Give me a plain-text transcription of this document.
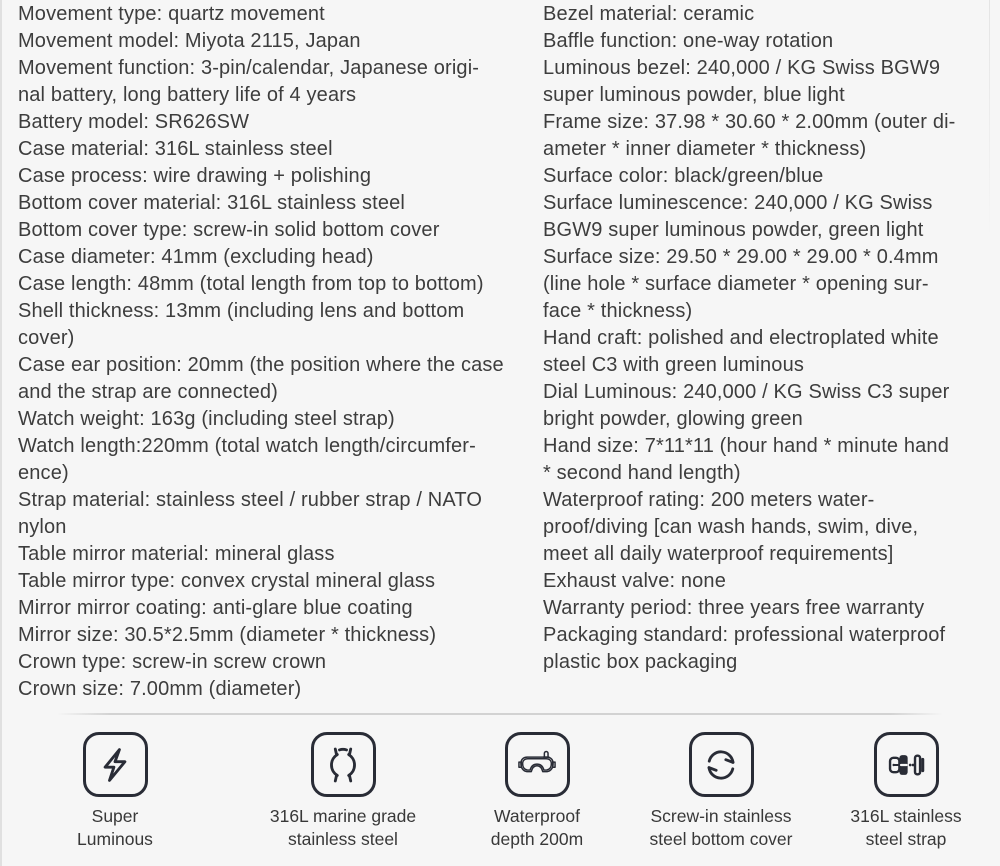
Movement type: quartz movement
Movement model: Miyota 2115, Japan
Movement function: 3-pin/calendar, Japanese origi-
nal battery, long battery life of 4 years
Battery model: SR626SW
Case material: 316L stainless steel
Case process: wire drawing + polishing
Bottom cover material: 316L stainless steel
Bottom cover type: screw-in solid bottom cover
Case diameter: 41mm (excluding head)
Case length: 48mm (total length from top to bottom)
Shell thickness: 13mm (including lens and bottom
cover)
Case ear position: 20mm (the position where the case
and the strap are connected)
Watch weight: 163g (including steel strap)
Watch length:220mm (total watch length/circumfer-
ence)
Strap material: stainless steel / rubber strap / NATO
nylon
Table mirror material: mineral glass
Table mirror type: convex crystal mineral glass
Mirror mirror coating: anti-glare blue coating
Mirror size: 30.5*2.5mm (diameter * thickness)
Crown type: screw-in screw crown
Crown size: 7.00mm (diameter)
Bezel material: ceramic
Baffle function: one-way rotation
Luminous bezel: 240,000 / KG Swiss BGW9
super luminous powder, blue light
Frame size: 37.98 * 30.60 * 2.00mm (outer di-
ameter * inner diameter * thickness)
Surface color: black/green/blue
Surface luminescence: 240,000 / KG Swiss
BGW9 super luminous powder, green light
Surface size: 29.50 * 29.00 * 29.00 * 0.4mm
(line hole * surface diameter * opening sur-
face * thickness)
Hand craft: polished and electroplated white
steel C3 with green luminous
Dial Luminous: 240,000 / KG Swiss C3 super
bright powder, glowing green
Hand size: 7*11*11 (hour hand * minute hand
* second hand length)
Waterproof rating: 200 meters water-
proof/diving [can wash hands, swim, dive,
meet all daily waterproof requirements]
Exhaust valve: none
Warranty period: three years free warranty
Packaging standard: professional waterproof
plastic box packaging
Super Luminous
316L marine grade stainless steel
Waterproof depth 200m
Screw-in stainless steel bottom cover
316L stainless steel strap
